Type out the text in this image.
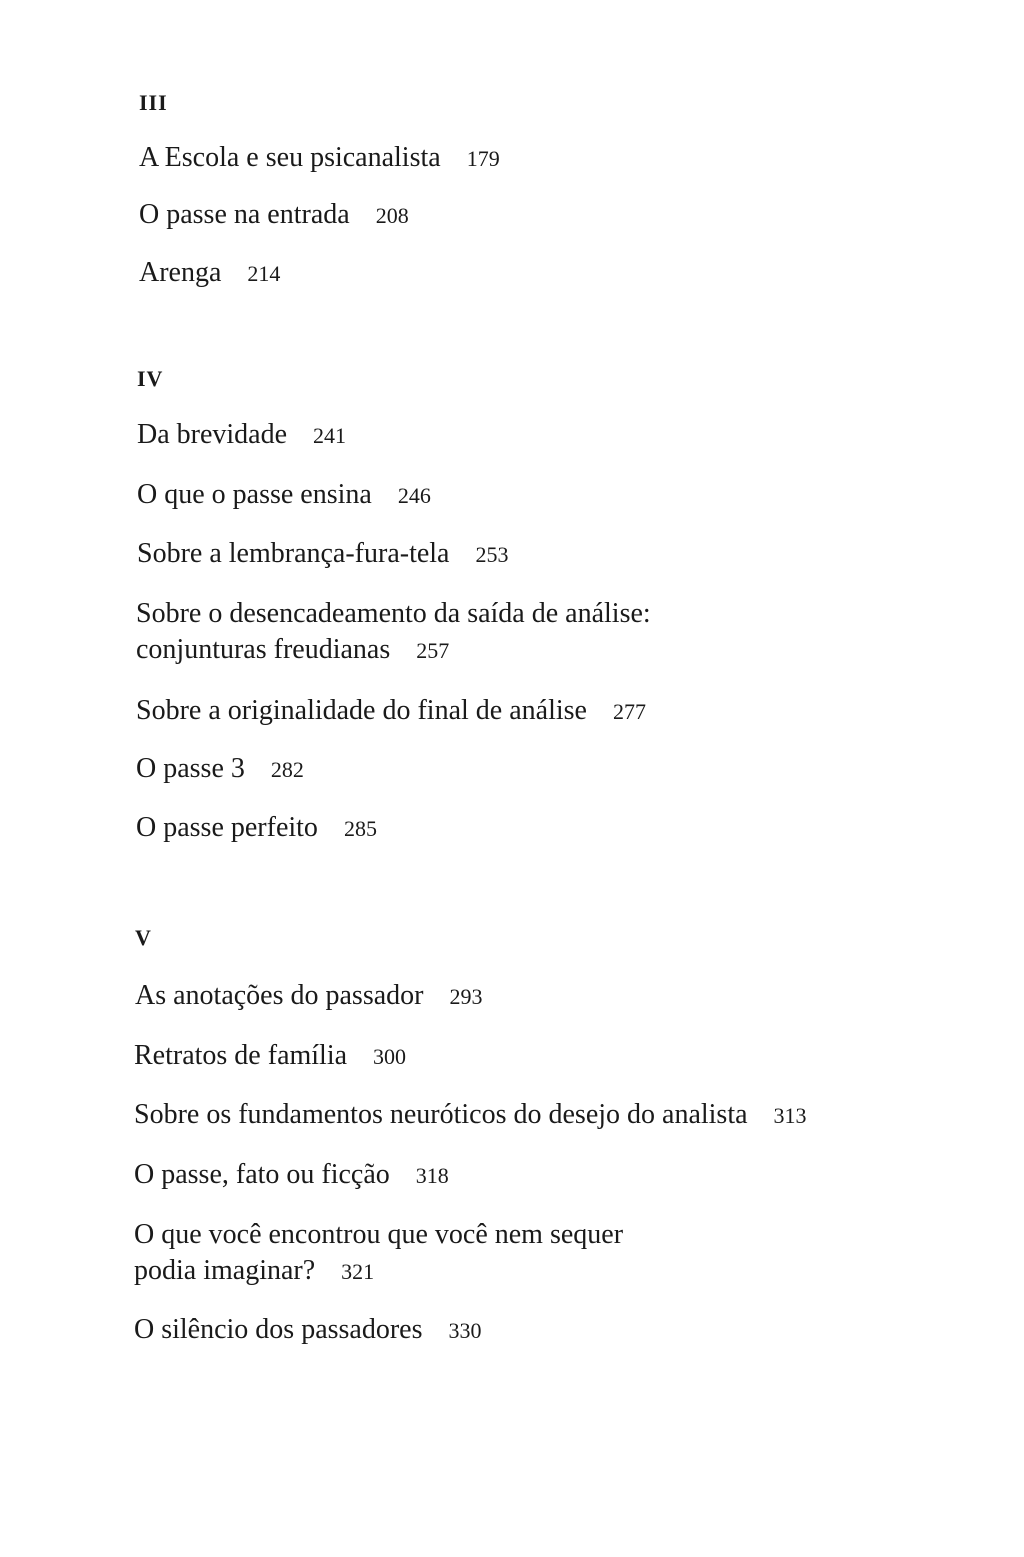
III
A Escola e seu psicanalista 179
O passe na entrada 208
Arenga 214
IV
Da brevidade 241
O que o passe ensina 246
Sobre a lembrança-fura-tela 253
Sobre o desencadeamento da saída de análise:
conjunturas freudianas 257
Sobre a originalidade do final de análise 277
O passe 3 282
O passe perfeito 285
V
As anotações do passador 293
Retratos de família 300
Sobre os fundamentos neuróticos do desejo do analista 313
O passe, fato ou ficção 318
O que você encontrou que você nem sequer
podia imaginar? 321
O silêncio dos passadores 330
